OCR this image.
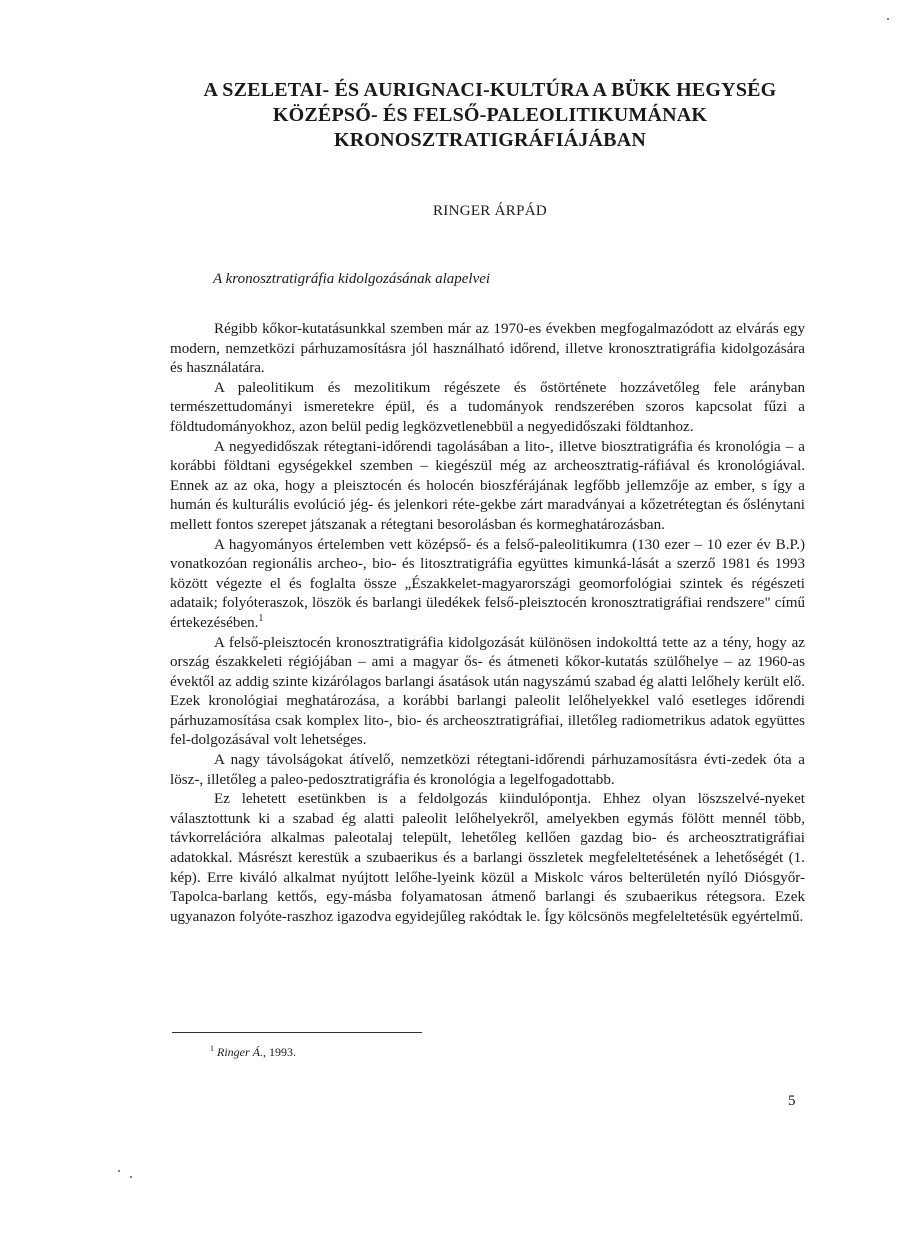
A SZELETAI- ÉS AURIGNACI-KULTÚRA A BÜKK HEGYSÉG
KÖZÉPSŐ- ÉS FELSŐ-PALEOLITIKUMÁNAK
KRONOSZTRATIGRÁFIÁJÁBAN
RINGER ÁRPÁD
A kronosztratigráfia kidolgozásának alapelvei

Régibb kőkor-kutatásunkkal szemben már az 1970-es években megfogalmazódott az elvárás egy modern, nemzetközi párhuzamosításra jól használható időrend, illetve kronosztratigráfia kidolgozására és használatára.

A paleolitikum és mezolitikum régészete és őstörténete hozzávetőleg fele arányban természettudományi ismeretekre épül, és a tudományok rendszerében szoros kapcsolat fűzi a földtudományokhoz, azon belül pedig legközvetlenebbül a negyedidőszaki földtanhoz.

A negyedidőszak rétegtani-időrendi tagolásában a lito-, illetve biosztratigráfia és kronológia – a korábbi földtani egységekkel szemben – kiegészül még az archeosztratig-ráfiával és kronológiával. Ennek az az oka, hogy a pleisztocén és holocén bioszférájának legfőbb jellemzője az ember, s így a humán és kulturális evolúció jég- és jelenkori réte-gekbe zárt maradványai a kőzetrétegtan és őslénytani mellett fontos szerepet játszanak a rétegtani besorolásban és kormeghatározásban.

A hagyományos értelemben vett középső- és a felső-paleolitikumra (130 ezer – 10 ezer év B.P.) vonatkozóan regionális archeo-, bio- és litosztratigráfia együttes kimunká-lását a szerző 1981 és 1993 között végezte el és foglalta össze „Északkelet-magyarországi geomorfológiai szintek és régészeti adataik; folyóteraszok, löszök és barlangi üledékek felső-pleisztocén kronosztratigráfiai rendszere" című értekezésében.$^1$

A felső-pleisztocén kronosztratigráfia kidolgozását különösen indokolttá tette az a tény, hogy az ország északkeleti régiójában – ami a magyar ős- és átmeneti kőkor-kutatás szülőhelye – az 1960-as évektől az addig szinte kizárólagos barlangi ásatások után nagyszámú szabad ég alatti lelőhely került elő. Ezek kronológiai meghatározása, a korábbi barlangi paleolit lelőhelyekkel való esetleges időrendi párhuzamosítása csak komplex lito-, bio- és archeosztratigráfiai, illetőleg radiometrikus adatok együttes fel-dolgozásával volt lehetséges.

A nagy távolságokat átívelő, nemzetközi rétegtani-időrendi párhuzamosításra évti-zedek óta a lösz-, illetőleg a paleo-pedosztratigráfia és kronológia a legelfogadottabb.

Ez lehetett esetünkben is a feldolgozás kiindulópontja. Ehhez olyan löszszelvé-nyeket választottunk ki a szabad ég alatti paleolit lelőhelyekről, amelyekben egymás fölött mennél több, távkorrelációra alkalmas paleotalaj települt, lehetőleg kellően gazdag bio- és archeosztratigráfiai adatokkal. Másrészt kerestük a szubaerikus és a barlangi összletek megfeleltetésének a lehetőségét (1. kép). Erre kiváló alkalmat nyújtott lelőhe-lyeink közül a Miskolc város belterületén nyíló Diósgyőr-Tapolca-barlang kettős, egy-másba folyamatosan átmenő barlangi és szubaerikus rétegsora. Ezek ugyanazon folyóte-raszhoz igazodva egyidejűleg rakódtak le. Így kölcsönös megfeleltetésük egyértelmű.

$^1$ Ringer Á., 1993.
5
